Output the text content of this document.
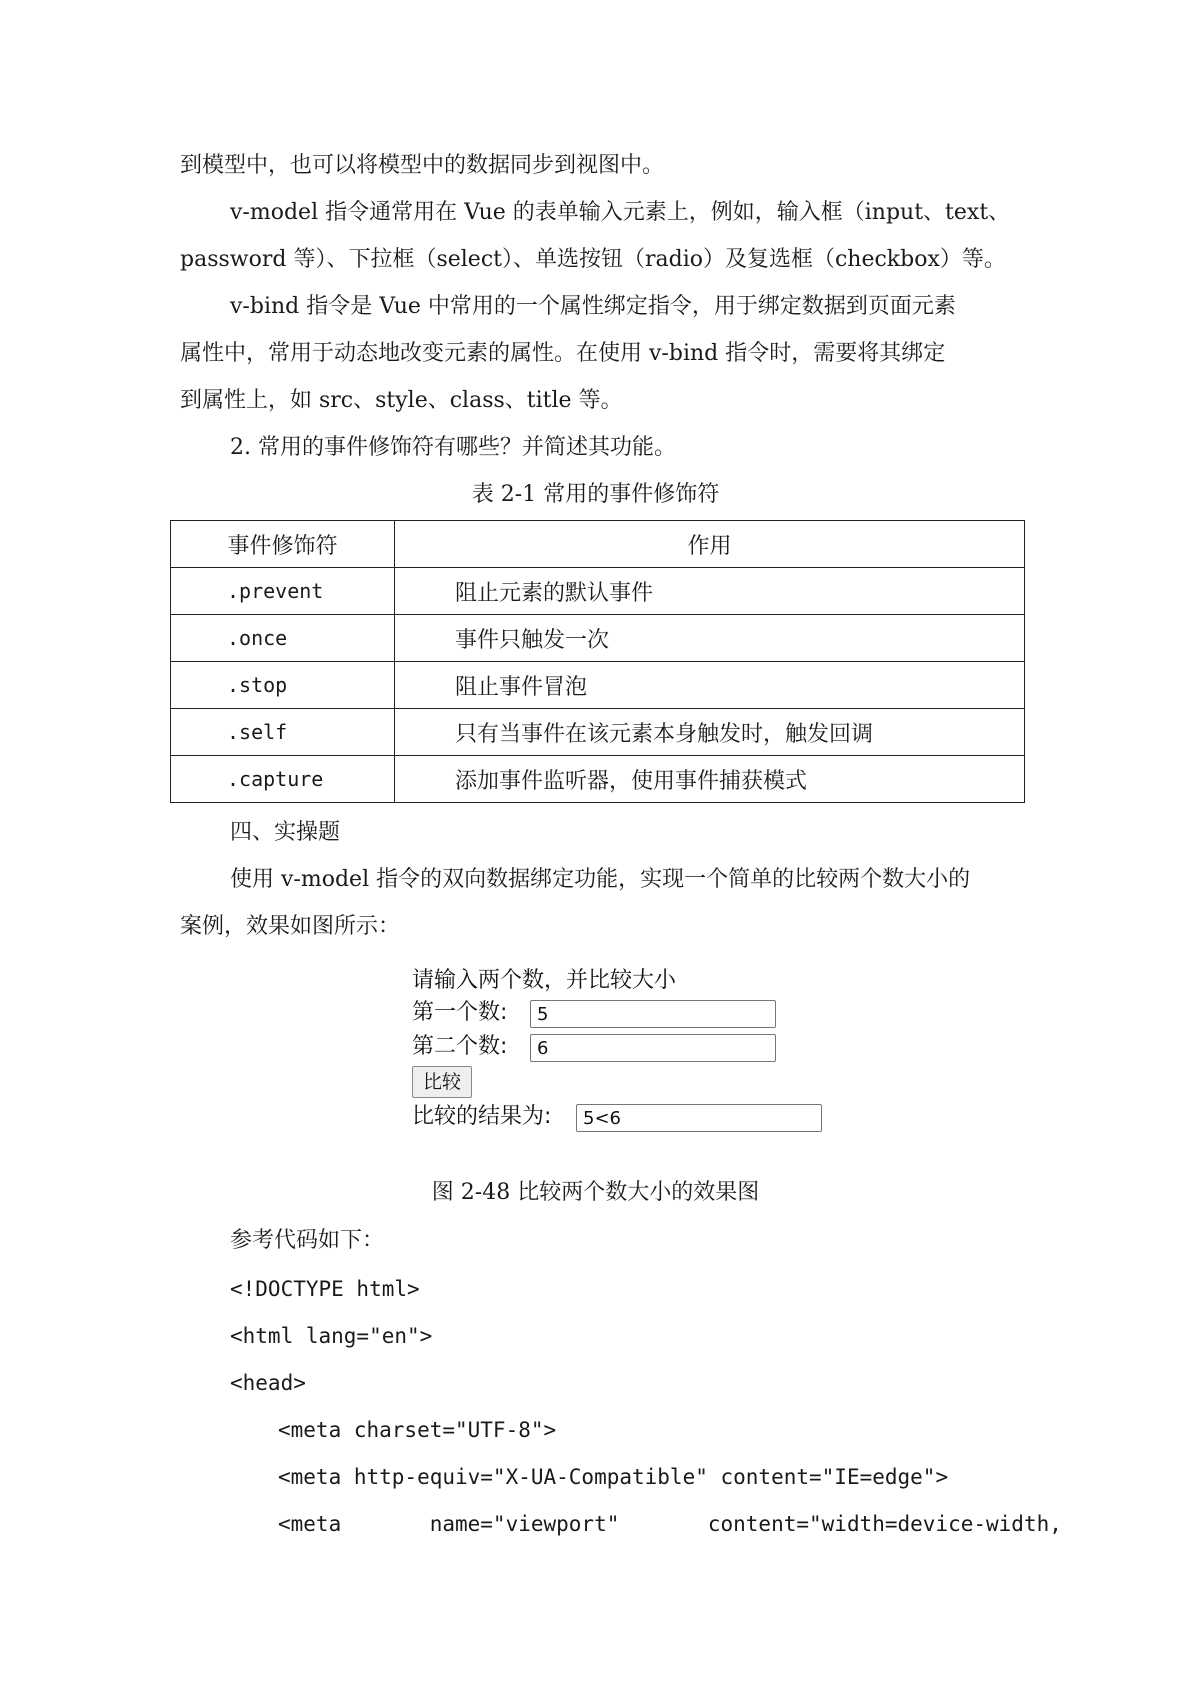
到模型中，也可以将模型中的数据同步到视图中。
v-model 指令通常用在 Vue 的表单输入元素上，例如，输入框（input、text、
password 等）、下拉框（select）、单选按钮（radio）及复选框（checkbox）等。
v-bind 指令是 Vue 中常用的一个属性绑定指令，用于绑定数据到页面元素
属性中，常用于动态地改变元素的属性。在使用 v-bind 指令时，需要将其绑定
到属性上，如 src、style、class、title 等。
2. 常用的事件修饰符有哪些？并简述其功能。
表 2-1 常用的事件修饰符
事件修饰符	作用
.prevent	阻止元素的默认事件
.once	事件只触发一次
.stop	阻止事件冒泡
.self	只有当事件在该元素本身触发时，触发回调
.capture	添加事件监听器，使用事件捕获模式
四、实操题
使用 v-model 指令的双向数据绑定功能，实现一个简单的比较两个数大小的
案例，效果如图所示：
请输入两个数，并比较大小
第一个数:	5
第二个数:	6
比较
比较的结果为:	5<6
图 2-48 比较两个数大小的效果图
参考代码如下：
<!DOCTYPE html>
<html lang="en">
<head>
<meta charset="UTF-8">
<meta http-equiv="X-UA-Compatible" content="IE=edge">
<meta       name="viewport"       content="width=device-width,
